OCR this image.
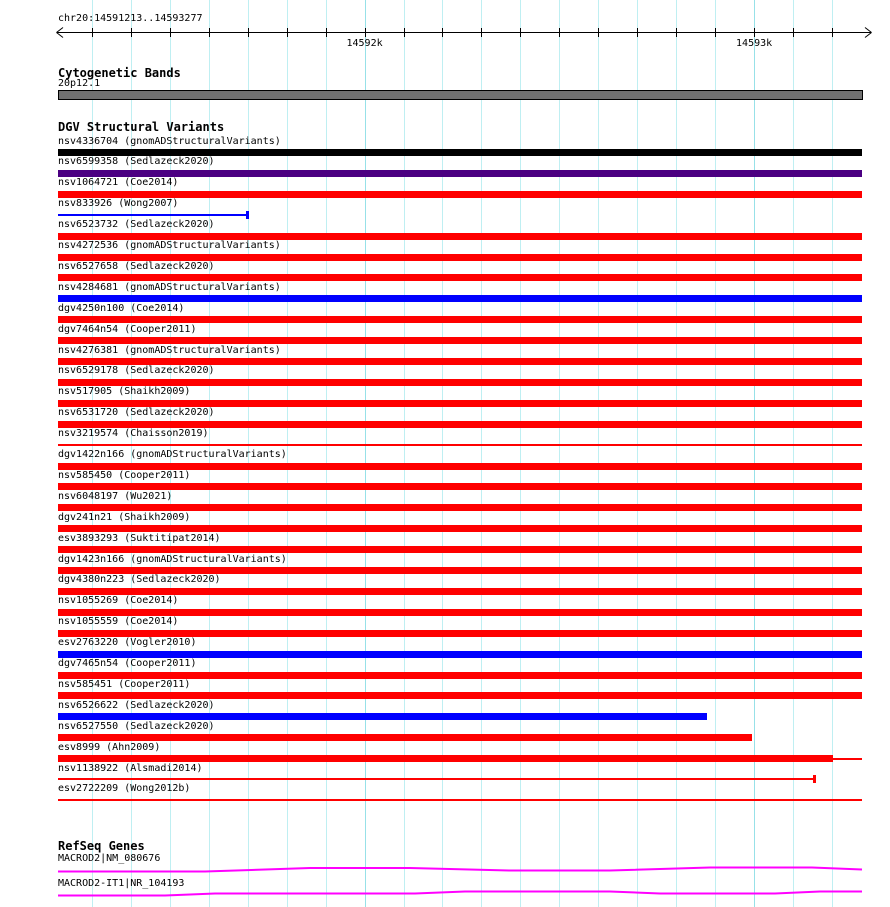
chr20:14591213..14593277
14592k	14593k
Cytogenetic Bands
20p12.1
DGV Structural Variants
nsv4336704 (gnomADStructuralVariants)
nsv6599358 (Sedlazeck2020)
nsv1064721 (Coe2014)
nsv833926 (Wong2007)
nsv6523732 (Sedlazeck2020)
nsv4272536 (gnomADStructuralVariants)
nsv6527658 (Sedlazeck2020)
nsv4284681 (gnomADStructuralVariants)
dgv4250n100 (Coe2014)
dgv7464n54 (Cooper2011)
nsv4276381 (gnomADStructuralVariants)
nsv6529178 (Sedlazeck2020)
nsv517905 (Shaikh2009)
nsv6531720 (Sedlazeck2020)
nsv3219574 (Chaisson2019)
dgv1422n166 (gnomADStructuralVariants)
nsv585450 (Cooper2011)
nsv6048197 (Wu2021)
dgv241n21 (Shaikh2009)
esv3893293 (Suktitipat2014)
dgv1423n166 (gnomADStructuralVariants)
dgv4380n223 (Sedlazeck2020)
nsv1055269 (Coe2014)
nsv1055559 (Coe2014)
esv2763220 (Vogler2010)
dgv7465n54 (Cooper2011)
nsv585451 (Cooper2011)
nsv6526622 (Sedlazeck2020)
nsv6527550 (Sedlazeck2020)
esv8999 (Ahn2009)
nsv1138922 (Alsmadi2014)
esv2722209 (Wong2012b)
RefSeq Genes
MACROD2|NM_080676
MACROD2-IT1|NR_104193
